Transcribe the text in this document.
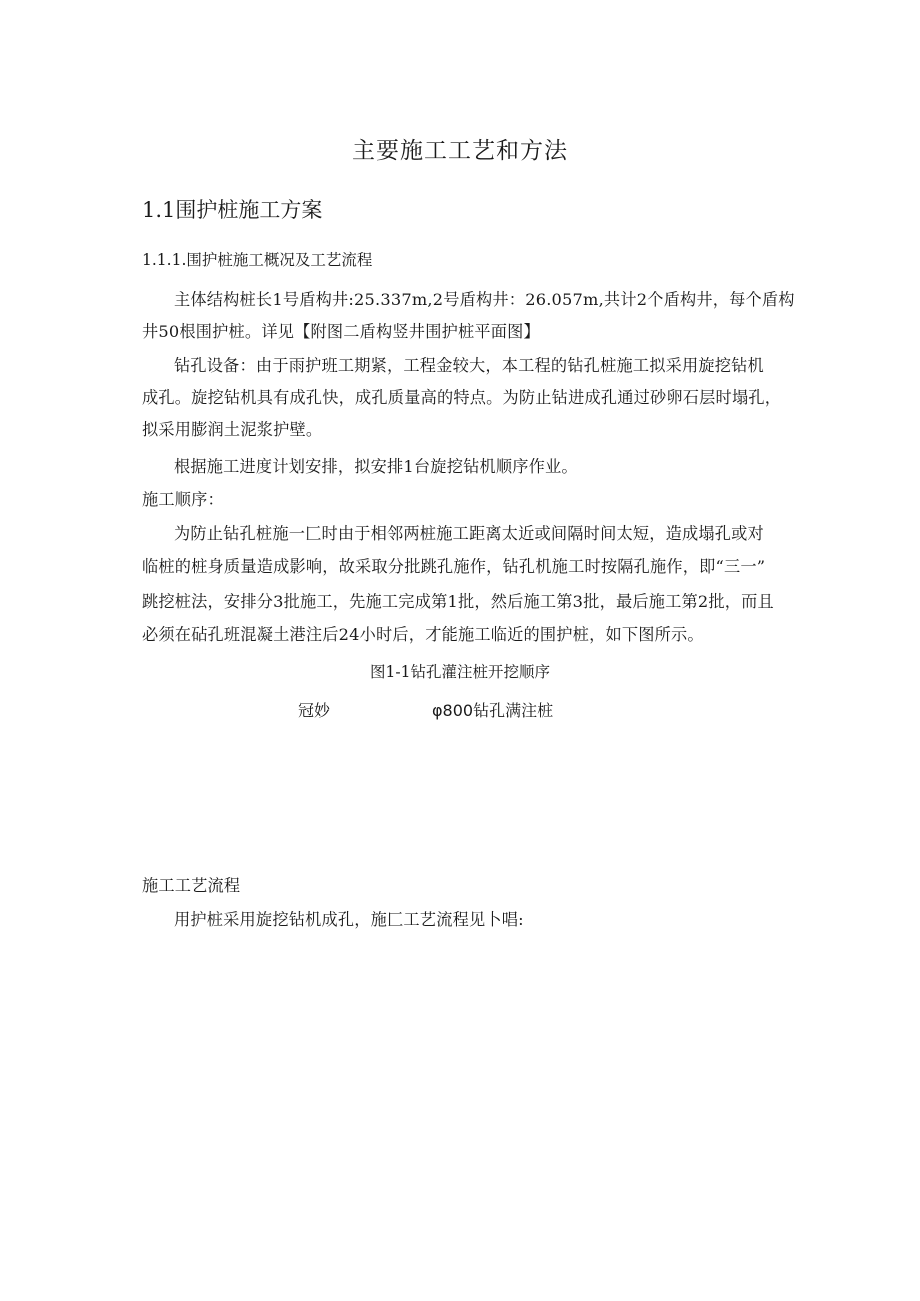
主要施工工艺和方法

1.1围护桩施工方案

1.1.1.围护桩施工概况及工艺流程

主体结构桩长1号盾构井:25.337m,2号盾构井：26.057m,共计2个盾构井，每个盾构

井50根围护桩。详见【附图二盾构竖井围护桩平面图】

钻孔设备：由于雨护班工期紧，工程金较大，本工程的钻孔桩施工拟采用旋挖钻机

成孔。旋挖钻机具有成孔快，成孔质量高的特点。为防止钻进成孔通过砂卵石层时塌孔，

拟采用膨润土泥浆护壁。

根据施工进度计划安排，拟安排1台旋挖钻机顺序作业。

施工顺序：

为防止钻孔桩施一匚时由于相邻两桩施工距离太近或间隔时间太短，造成塌孔或对

临桩的桩身质量造成影响，故采取分批跳孔施作，钻孔机施工时按隔孔施作，即“三一”

跳挖桩法，安排分3批施工，先施工完成第1批，然后施工第3批，最后施工第2批，而且

必须在砧孔班混凝土港注后24小时后，才能施工临近的围护桩，如下图所示。

图1-1钻孔灌注桩开挖顺序

冠妙	φ800钻孔满注桩

施工工艺流程

用护桩采用旋挖钻机成孔，施匚工艺流程见卜唱:
